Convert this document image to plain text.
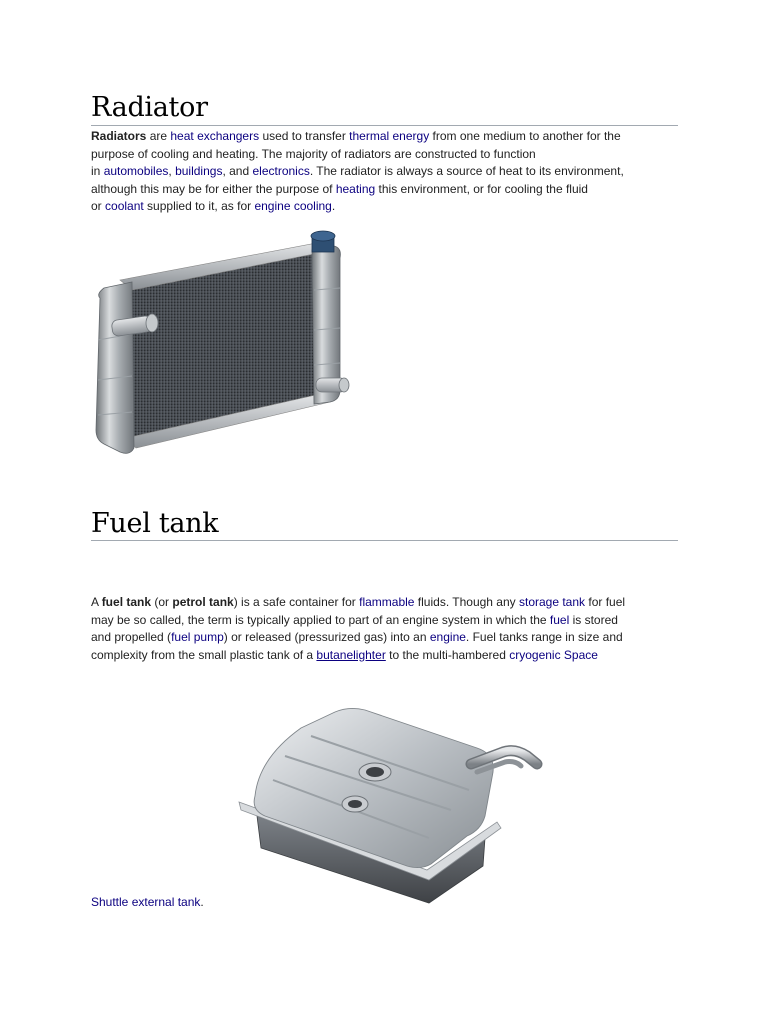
Radiator

Radiators are heat exchangers used to transfer thermal energy from one medium to another for the
purpose of cooling and heating. The majority of radiators are constructed to function
in automobiles, buildings, and electronics. The radiator is always a source of heat to its environment,
although this may be for either the purpose of heating this environment, or for cooling the fluid
or coolant supplied to it, as for engine cooling.

Fuel tank

A fuel tank (or petrol tank) is a safe container for flammable fluids. Though any storage tank for fuel
may be so called, the term is typically applied to part of an engine system in which the fuel is stored
and propelled (fuel pump) or released (pressurized gas) into an engine. Fuel tanks range in size and
complexity from the small plastic tank of a butanelighter to the multi-hambered cryogenic Space

Shuttle external tank.
